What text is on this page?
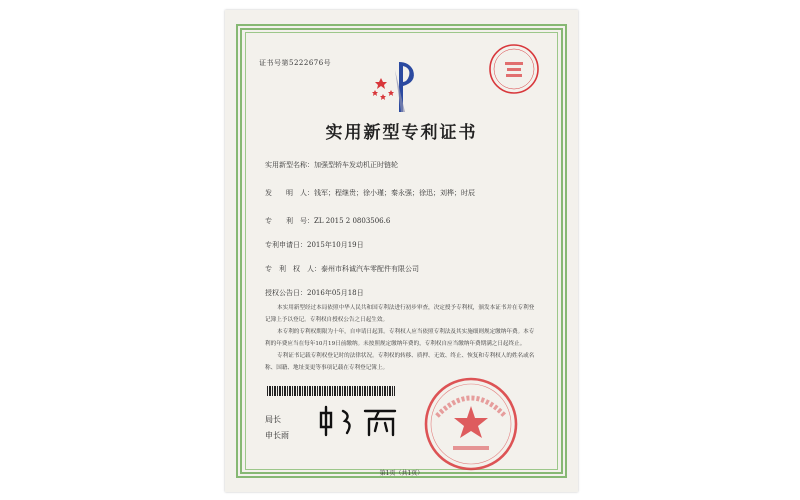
证书号第5222676号
实用新型专利证书
实用新型名称：加强型轿车发动机正时链轮
发　　明　人：钱军；程继贵；徐小瑾；秦永强；徐迅；刘桦；时辰
专　　利　号：ZL 2015 2 0803506.6
专利申请日：2015年10月19日
专　利　权　人：泰州市科诚汽车零配件有限公司
授权公告日：2016年05月18日

本实用新型经过本局依照中华人民共和国专利法进行初步审查，决定授予专利权，颁发本证书并在专利登记簿上予以登记。专利权自授权公告之日起生效。

本专利的专利权期限为十年，自申请日起算。专利权人应当依照专利法及其实施细则规定缴纳年费。本专利的年费应当在每年10月19日前缴纳。未按照规定缴纳年费的，专利权自应当缴纳年费期满之日起终止。

专利证书记载专利权登记时的法律状况。专利权的转移、质押、无效、终止、恢复和专利权人的姓名或名称、国籍、地址变更等事项记载在专利登记簿上。

局长
申长雨
第1页（共1页）
